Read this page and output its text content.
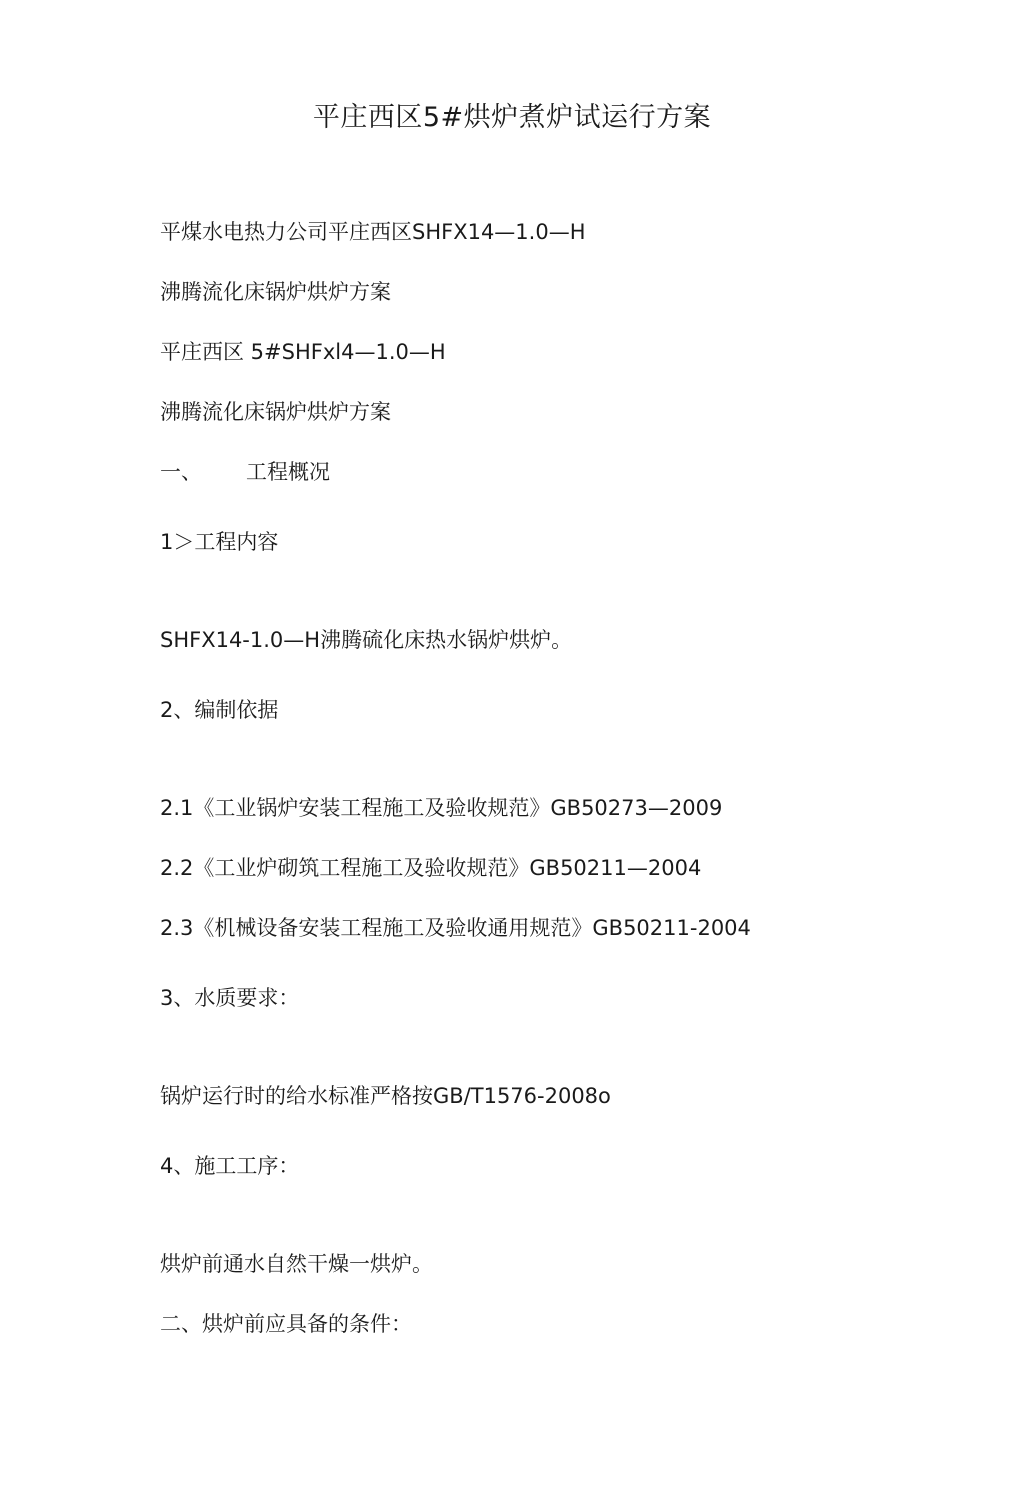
平庄西区5#烘炉煮炉试运行方案
平煤水电热力公司平庄西区SHFX14—1.0—H
沸腾流化床锅炉烘炉方案
平庄西区 5#SHFxl4—1.0—H
沸腾流化床锅炉烘炉方案
一、 工程概况
1＞工程内容
SHFX14-1.0—H沸腾硫化床热水锅炉烘炉。
2、编制依据
2.1《工业锅炉安装工程施工及验收规范》GB50273—2009
2.2《工业炉砌筑工程施工及验收规范》GB50211—2004
2.3《机械设备安装工程施工及验收通用规范》GB50211-2004
3、水质要求：
锅炉运行时的给水标准严格按GB/T1576-2008o
4、施工工序：
烘炉前通水自然干燥一烘炉。
二、烘炉前应具备的条件：
